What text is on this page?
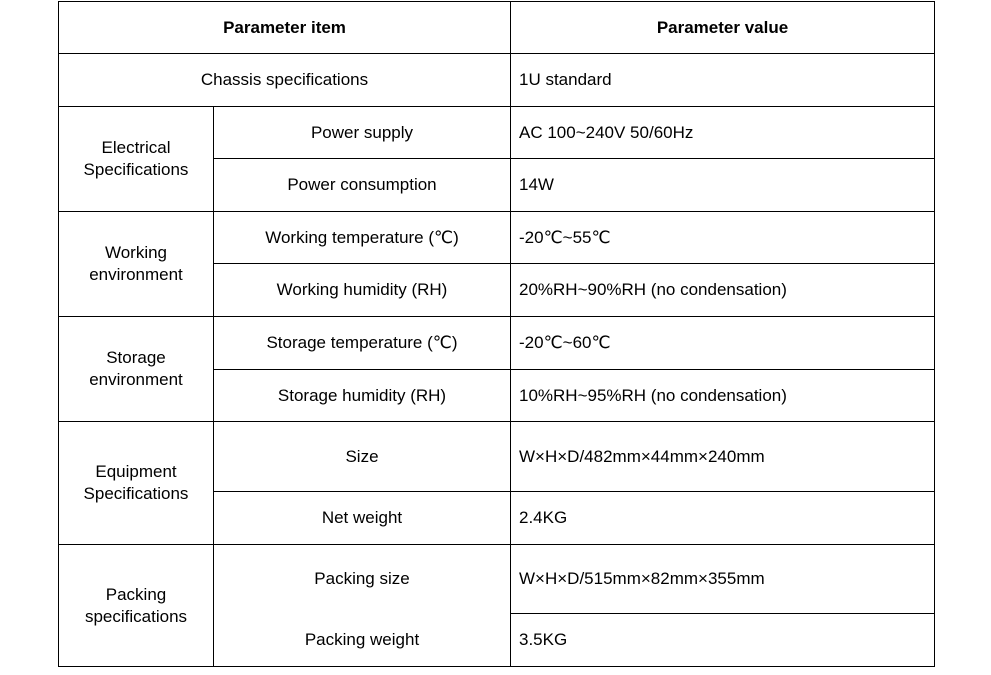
Parameter item		Parameter value
Chassis specifications		1U standard

Electrical
Specifications	Power supply	AC 100~240V 50/60Hz
	Power consumption	14W

Working
environment	Working temperature (℃)	-20℃~55℃
	Working humidity (RH)	20%RH~90%RH (no condensation)

Storage
environment	Storage temperature (℃)	-20℃~60℃
	Storage humidity (RH)	10%RH~95%RH (no condensation)

Equipment
Specifications	Size	W×H×D/482mm×44mm×240mm
	Net weight	2.4KG

Packing
specifications	Packing size	W×H×D/515mm×82mm×355mm
	Packing weight	3.5KG
